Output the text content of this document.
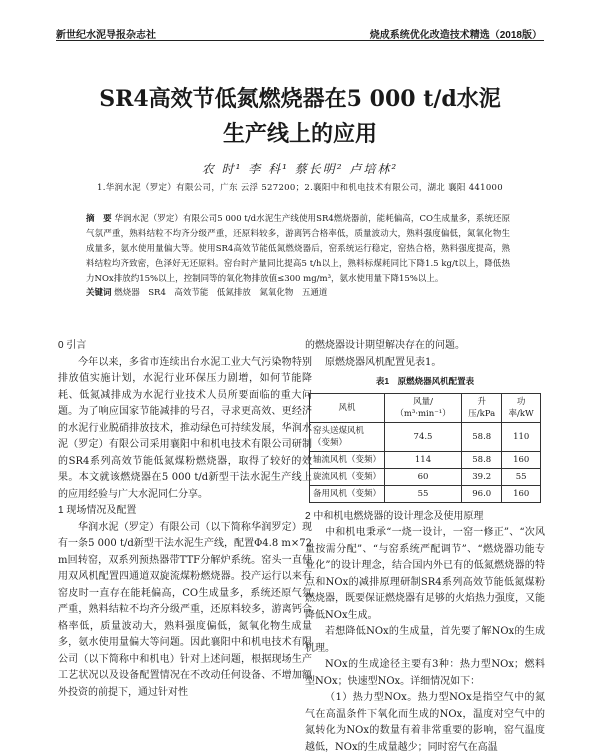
新世纪水泥导报杂志社	烧成系统优化改造技术精选（2018版）
SR4高效节低氮燃烧器在5 000 t/d水泥
生产线上的应用
农 时¹ 李 科¹ 蔡长明² 卢培林²
1.华润水泥（罗定）有限公司，广东 云浮 527200；2.襄阳中和机电技术有限公司，湖北 襄阳 441000
摘　要 华润水泥（罗定）有限公司5 000 t/d水泥生产线使用SR4燃烧器前，能耗偏高，CO生成量多，系统还原气氛严重，熟料结粒不均齐分级严重，还原料较多，游离钙合格率低，质量波动大，熟料强度偏低，氮氧化物生成量多，氨水使用量偏大等。使用SR4高效节能低氮燃烧器后，窑系统运行稳定，窑热合格，熟料强度提高，熟料结粒均齐致密，色泽好无还原料。窑台时产量同比提高5 t/h以上，熟料标煤耗同比下降1.5 kg/t以上，降低热力NOx排放约15%以上，控制同等的氧化物排放值≤300 mg/m³，氨水使用量下降15%以上。
关键词 燃烧器　SR4　高效节能　低氮排放　氮氧化物　五通道

0 引言

今年以来，多省市连续出台水泥工业大气污染物特别排放值实施计划，水泥行业环保压力剧增，如何节能降耗、低氮减排成为水泥行业技术人员所要面临的重大问题。为了响应国家节能减排的号召，寻求更高效、更经济的水泥行业脱硝排放技术，推动绿色可持续发展，华润水泥（罗定）有限公司采用襄阳中和机电技术有限公司研制的SR4系列高效节能低氮煤粉燃烧器，取得了较好的效果。本文就该燃烧器在5 000 t/d新型干法水泥生产线上的应用经验与广大水泥同仁分享。

1 现场情况及配置

华润水泥（罗定）有限公司（以下简称华润罗定）现有一条5 000 t/d新型干法水泥生产线，配置Φ4.8 m×72 m回转窑，双系列预热器带TTF分解炉系统。窑头一直使用双风机配置四通道双旋流煤粉燃烧器。投产运行以来有窑皮时一直存在能耗偏高，CO生成量多，系统还原气氛严重，熟料结粒不均齐分级严重，还原料较多，游离钙合格率低，质量波动大，熟料强度偏低，氮氧化物生成量多，氨水使用量偏大等问题。因此襄阳中和机电技术有限公司（以下简称中和机电）针对上述问题，根据现场生产工艺状况以及设备配置情况在不改动任何设备、不增加额外投资的前提下，通过针对性

的燃烧器设计期望解决存在的问题。

原燃烧器风机配置见表1。

表1　原燃烧器风机配置表
风机	风量/（m³·min⁻¹）	升压/kPa	功率/kW
窑头送煤风机（变频）	74.5	58.8	110
轴流风机（变频）	114	58.8	160
旋流风机（变频）	60	39.2	55
备用风机（变频）	55	96.0	160

2 中和机电燃烧器的设计理念及使用原理

中和机电秉承“一烧一设计，一窑一修正”、“次风量按需分配”、“与窑系统严配调节”、“燃烧器功能专业化”的设计理念，结合国内外已有的低氮燃烧器的特点和NOx的减排原理研制SR4系列高效节能低氮煤粉燃烧器，既要保证燃烧器有足够的火焰热力强度，又能降低NOx生成。

若想降低NOx的生成量，首先要了解NOx的生成机理。

NOx的生成途径主要有3种：热力型NOx；燃料型NOx；快速型NOx。详细情况如下：

（1）热力型NOx。热力型NOx是指空气中的氮气在高温条件下氧化而生成的NOx，温度对空气中的氮转化为NOx的数量有着非常重要的影响，窑气温度越低，NOx的生成量越少；同时窑气在高温
